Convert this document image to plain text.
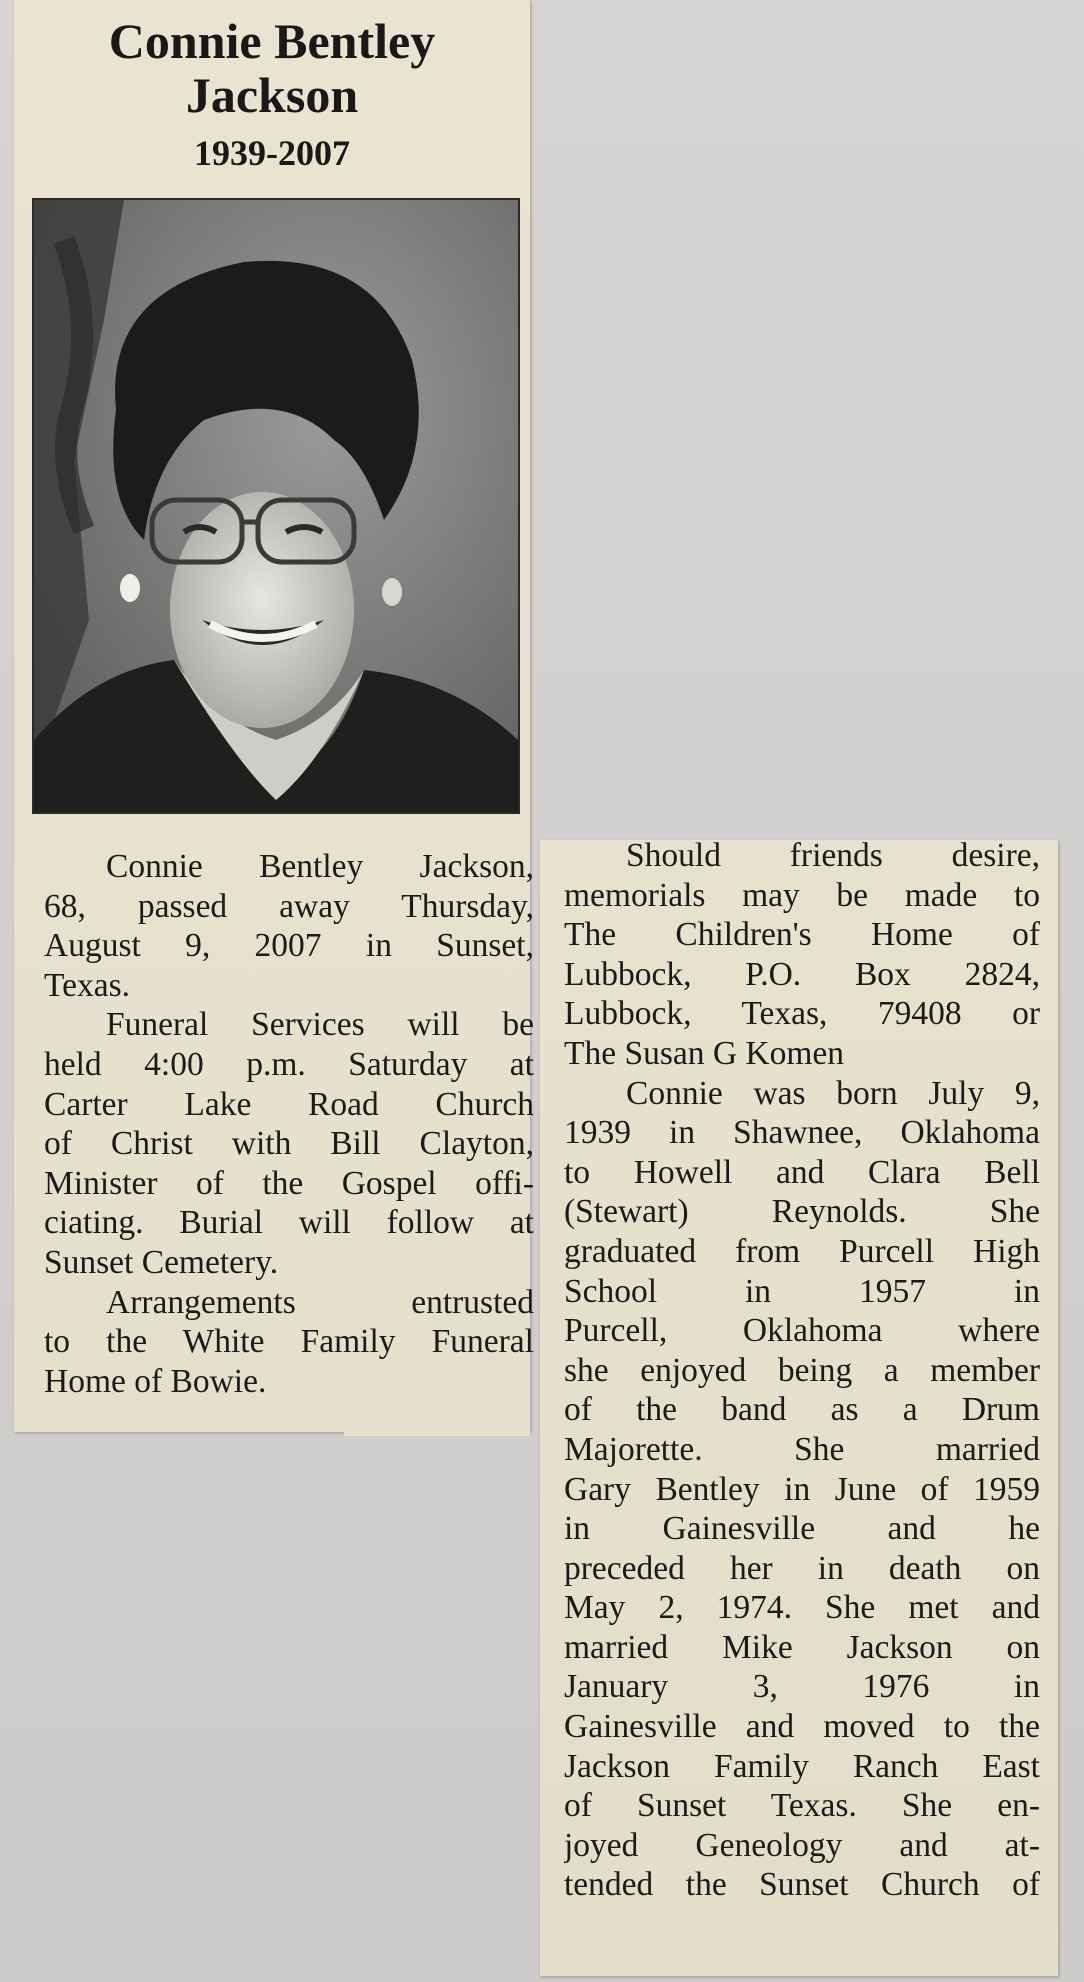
Connie Bentley
Jackson
1939-2007
Connie Bentley Jackson,
68, passed away Thursday,
August 9, 2007 in Sunset,
Texas.
Funeral Services will be
held 4:00 p.m. Saturday at
Carter Lake Road Church
of Christ with Bill Clayton,
Minister of the Gospel offi-
ciating. Burial will follow at
Sunset Cemetery.
Arrangements entrusted
to the White Family Funeral
Home of Bowie.
Should friends desire,
memorials may be made to
The Children's Home of
Lubbock, P.O. Box 2824,
Lubbock, Texas, 79408 or
The Susan G Komen
Connie was born July 9,
1939 in Shawnee, Oklahoma
to Howell and Clara Bell
(Stewart) Reynolds. She
graduated from Purcell High
School in 1957 in
Purcell, Oklahoma where
she enjoyed being a member
of the band as a Drum
Majorette. She married
Gary Bentley in June of 1959
in Gainesville and he
preceded her in death on
May 2, 1974. She met and
married Mike Jackson on
January 3, 1976 in
Gainesville and moved to the
Jackson Family Ranch East
of Sunset Texas. She en-
joyed Geneology and at-
tended the Sunset Church of
